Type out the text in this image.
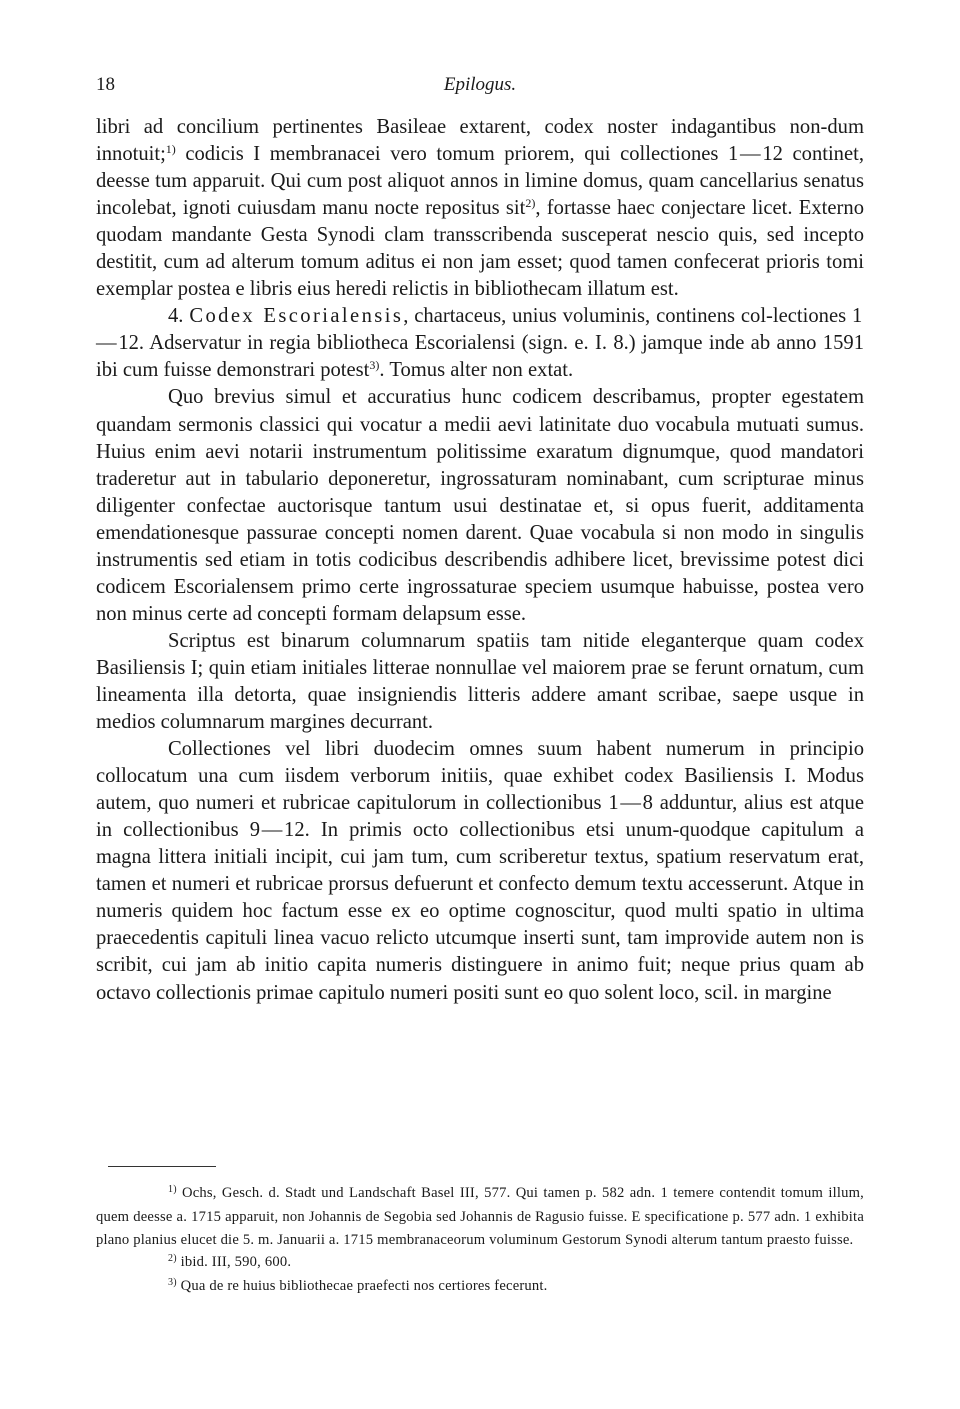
18	Epilogus.

libri ad concilium pertinentes Basileae extarent, codex noster indagantibus non-dum innotuit;$^{1)}$ codicis I membranacei vero tomum priorem, qui collectiones 1 — 12 continet, deesse tum apparuit. Qui cum post aliquot annos in limine domus, quam cancellarius senatus incolebat, ignoti cuiusdam manu nocte repositus sit$^{2)}$, fortasse haec conjectare licet. Externo quodam mandante Gesta Synodi clam transscribenda susceperat nescio quis, sed incepto destitit, cum ad alterum tomum aditus ei non jam esset; quod tamen confecerat prioris tomi exemplar postea e libris eius heredi relictis in bibliothecam illatum est.

4. Codex Escorialensis, chartaceus, unius voluminis, continens col-lectiones 1 — 12. Adservatur in regia bibliotheca Escorialensi (sign. e. I. 8.) jamque inde ab anno 1591 ibi cum fuisse demonstrari potest$^{3)}$. Tomus alter non extat.

Quo brevius simul et accuratius hunc codicem describamus, propter egestatem quandam sermonis classici qui vocatur a medii aevi latinitate duo vocabula mutuati sumus. Huius enim aevi notarii instrumentum politissime exaratum dignumque, quod mandatori traderetur aut in tabulario deponeretur, ingrossaturam nominabant, cum scripturae minus diligenter confectae auctorisque tantum usui destinatae et, si opus fuerit, additamenta emendationesque passurae concepti nomen darent. Quae vocabula si non modo in singulis instrumentis sed etiam in totis codicibus describendis adhibere licet, brevissime potest dici codicem Escorialensem primo certe ingrossaturae speciem usumque habuisse, postea vero non minus certe ad concepti formam delapsum esse.

Scriptus est binarum columnarum spatiis tam nitide eleganterque quam codex Basiliensis I; quin etiam initiales litterae nonnullae vel maiorem prae se ferunt ornatum, cum lineamenta illa detorta, quae insigniendis litteris addere amant scribae, saepe usque in medios columnarum margines decurrant.

Collectiones vel libri duodecim omnes suum habent numerum in principio collocatum una cum iisdem verborum initiis, quae exhibet codex Basiliensis I. Modus autem, quo numeri et rubricae capitulorum in collectionibus 1 — 8 adduntur, alius est atque in collectionibus 9 — 12. In primis octo collectionibus etsi unum-quodque capitulum a magna littera initiali incipit, cui jam tum, cum scriberetur textus, spatium reservatum erat, tamen et numeri et rubricae prorsus defuerunt et confecto demum textu accesserunt. Atque in numeris quidem hoc factum esse ex eo optime cognoscitur, quod multi spatio in ultima praecedentis capituli linea vacuo relicto utcumque inserti sunt, tam improvide autem non is scribit, cui jam ab initio capita numeris distinguere in animo fuit; neque prius quam ab octavo collectionis primae capitulo numeri positi sunt eo quo solent loco, scil. in margine

$^{1)}$ Ochs, Gesch. d. Stadt und Landschaft Basel III, 577. Qui tamen p. 582 adn. 1 temere contendit tomum illum, quem deesse a. 1715 apparuit, non Johannis de Segobia sed Johannis de Ragusio fuisse. E specificatione p. 577 adn. 1 exhibita plano planius elucet die 5. m. Januarii a. 1715 membranaceorum voluminum Gestorum Synodi alterum tantum praesto fuisse.

$^{2)}$ ibid. III, 590, 600.

$^{3)}$ Qua de re huius bibliothecae praefecti nos certiores fecerunt.
